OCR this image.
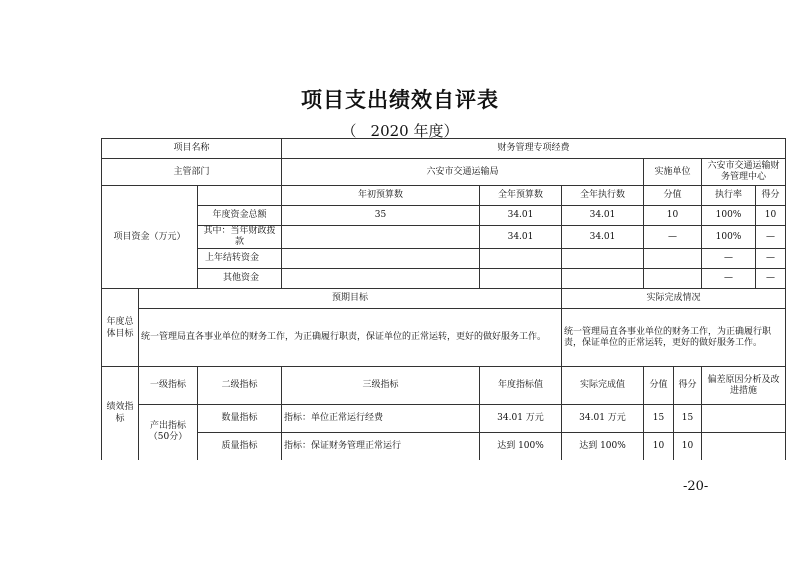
项目支出绩效自评表
（ 2020 年度）
项目名称			财务管理专项经费						
主管部门			六安市交通运输局			实施单位		六安市交通运输财务管理中心	
项目资金（万元）			年初预算数	全年预算数	全年执行数	分值		执行率	得分
		年度资金总额	35	34.01	34.01	10		100%	10
		其中：当年财政拨款		34.01	34.01	—		100%	—
		上年结转资金						—	—
		其他资金						—	—
年度总体目标	预期目标				实际完成情况				
	统一管理局直各事业单位的财务工作，为正确履行职责，保证单位的正常运转，更好的做好服务工作。				统一管理局直各事业单位的财务工作，为正确履行职责，保证单位的正常运转，更好的做好服务工作。				
绩效指标	一级指标	二级指标	三级指标	年度指标值	实际完成值	分值	得分	偏差原因分析及改进措施	
	产出指标（50分）	数量指标	指标：单位正常运行经费	34.01 万元	34.01 万元	15	15		
		质量指标	指标：保证财务管理正常运行	达到 100%	达到 100%	10	10		
-20-
